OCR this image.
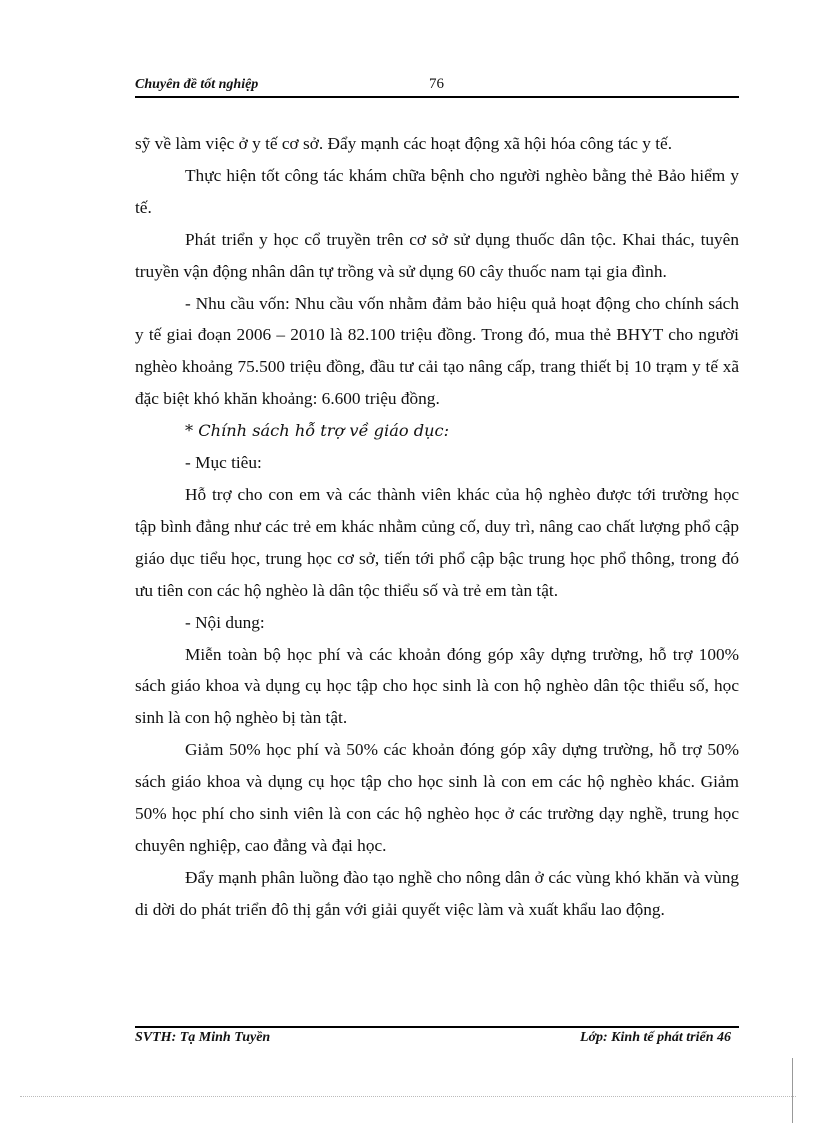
Chuyên đề tốt nghiệp	76

sỹ về làm việc ở y tế cơ sở. Đẩy mạnh các hoạt động xã hội hóa công tác y tế.

Thực hiện tốt công tác khám chữa bệnh cho người nghèo bằng thẻ Bảo hiểm y tế.

Phát triển y học cổ truyền trên cơ sở sử dụng thuốc dân tộc. Khai thác, tuyên truyền vận động nhân dân tự trồng và sử dụng 60 cây thuốc nam tại gia đình.

- Nhu cầu vốn: Nhu cầu vốn nhằm đảm bảo hiệu quả hoạt động cho chính sách y tế giai đoạn 2006 – 2010 là 82.100 triệu đồng. Trong đó, mua thẻ BHYT cho người nghèo khoảng 75.500 triệu đồng, đầu tư cải tạo nâng cấp, trang thiết bị 10 trạm y tế xã đặc biệt khó khăn khoảng: 6.600 triệu đồng.

* Chính sách hỗ trợ về giáo dục:

- Mục tiêu:

Hỗ trợ cho con em và các thành viên khác của hộ nghèo được tới trường học tập bình đẳng như các trẻ em khác nhằm củng cố, duy trì, nâng cao chất lượng phổ cập giáo dục tiểu học, trung học cơ sở, tiến tới phổ cập bậc trung học phổ thông, trong đó ưu tiên con các hộ nghèo là dân tộc thiểu số và trẻ em tàn tật.

- Nội dung:

Miễn toàn bộ học phí và các khoản đóng góp xây dựng trường, hỗ trợ 100% sách giáo khoa và dụng cụ học tập cho học sinh là con hộ nghèo dân tộc thiểu số, học sinh là con hộ nghèo bị tàn tật.

Giảm 50% học phí và 50% các khoản đóng góp xây dựng trường, hỗ trợ 50% sách giáo khoa và dụng cụ học tập cho học sinh là con em các hộ nghèo khác. Giảm 50% học phí cho sinh viên là con các hộ nghèo học ở các trường dạy nghề, trung học chuyên nghiệp, cao đẳng và đại học.

Đẩy mạnh phân luồng đào tạo nghề cho nông dân ở các vùng khó khăn và vùng di dời do phát triển đô thị gắn với giải quyết việc làm và xuất khẩu lao động.

SVTH: Tạ Minh Tuyền	Lớp: Kinh tế phát triển 46
